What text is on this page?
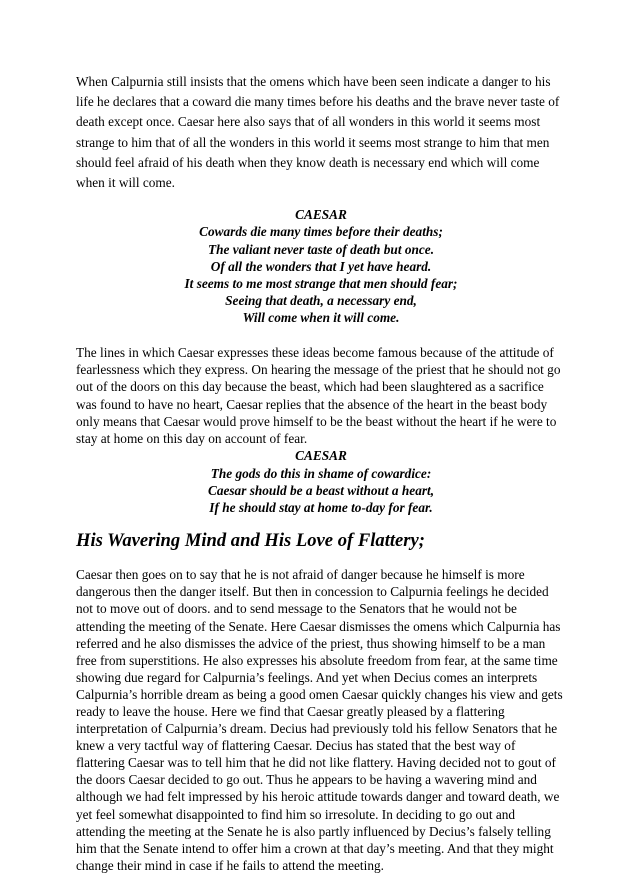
When Calpurnia still insists that the omens which have been seen indicate a danger to his life he declares that a coward die many times before his deaths and the brave never taste of death except once. Caesar here also says that of all wonders in this world it seems most strange to him that of all the wonders in this world it seems most strange to him that men should feel afraid of his death when they know death is necessary end which will come when it will come.

CAESAR
Cowards die many times before their deaths;
The valiant never taste of death but once.
Of all the wonders that I yet have heard.
It seems to me most strange that men should fear;
Seeing that death, a necessary end,
Will come when it will come.

The lines in which Caesar expresses these ideas become famous because of the attitude of fearlessness which they express. On hearing the message of the priest that he should not go out of the doors on this day because the beast, which had been slaughtered as a sacrifice was found to have no heart, Caesar replies that the absence of the heart in the beast body only means that Caesar would prove himself to be the beast without the heart if he were to stay at home on this day on account of fear.

CAESAR
The gods do this in shame of cowardice:
Caesar should be a beast without a heart,
If he should stay at home to-day for fear.
His Wavering Mind and His Love of Flattery;

Caesar then goes on to say that he is not afraid of danger because he himself is more dangerous then the danger itself. But then in concession to Calpurnia feelings he decided not to move out of doors. and to send message to the Senators that he would not be attending the meeting of the Senate. Here Caesar dismisses the omens which Calpurnia has referred and he also dismisses the advice of the priest, thus showing himself to be a man free from superstitions. He also expresses his absolute freedom from fear, at the same time showing due regard for Calpurnia’s feelings. And yet when Decius comes an interprets Calpurnia’s horrible dream as being a good omen Caesar quickly changes his view and gets ready to leave the house. Here we find that Caesar greatly pleased by a flattering interpretation of Calpurnia’s dream. Decius had previously told his fellow Senators that he knew a very tactful way of flattering Caesar. Decius has stated that the best way of flattering Caesar was to tell him that he did not like flattery. Having decided not to gout of the doors Caesar decided to go out. Thus he appears to be having a wavering mind and although we had felt impressed by his heroic attitude towards danger and toward death, we yet feel somewhat disappointed to find him so irresolute. In deciding to go out and attending the meeting at the Senate he is also partly influenced by Decius’s falsely telling him that the Senate intend to offer him a crown at that day’s meeting. And that they might change their mind in case if he fails to attend the meeting.
